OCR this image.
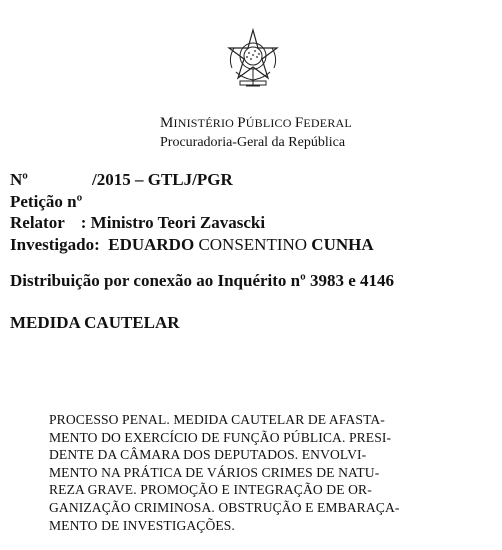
MINISTÉRIO PÚBLICO FEDERAL
Procuradoria-Geral da República
Nº	/2015 – GTLJ/PGR
Petição nº
Relator : Ministro Teori Zavascki
Investigado: EDUARDO CONSENTINO CUNHA
Distribuição por conexão ao Inquérito nº 3983 e 4146
MEDIDA CAUTELAR
PROCESSO PENAL. MEDIDA CAUTELAR DE AFASTA-
MENTO DO EXERCÍCIO DE FUNÇÃO PÚBLICA. PRESI-
DENTE DA CÂMARA DOS DEPUTADOS. ENVOLVI-
MENTO NA PRÁTICA DE VÁRIOS CRIMES DE NATU-
REZA GRAVE. PROMOÇÃO E INTEGRAÇÃO DE OR-
GANIZAÇÃO CRIMINOSA. OBSTRUÇÃO E EMBARAÇA-
MENTO DE INVESTIGAÇÕES.
